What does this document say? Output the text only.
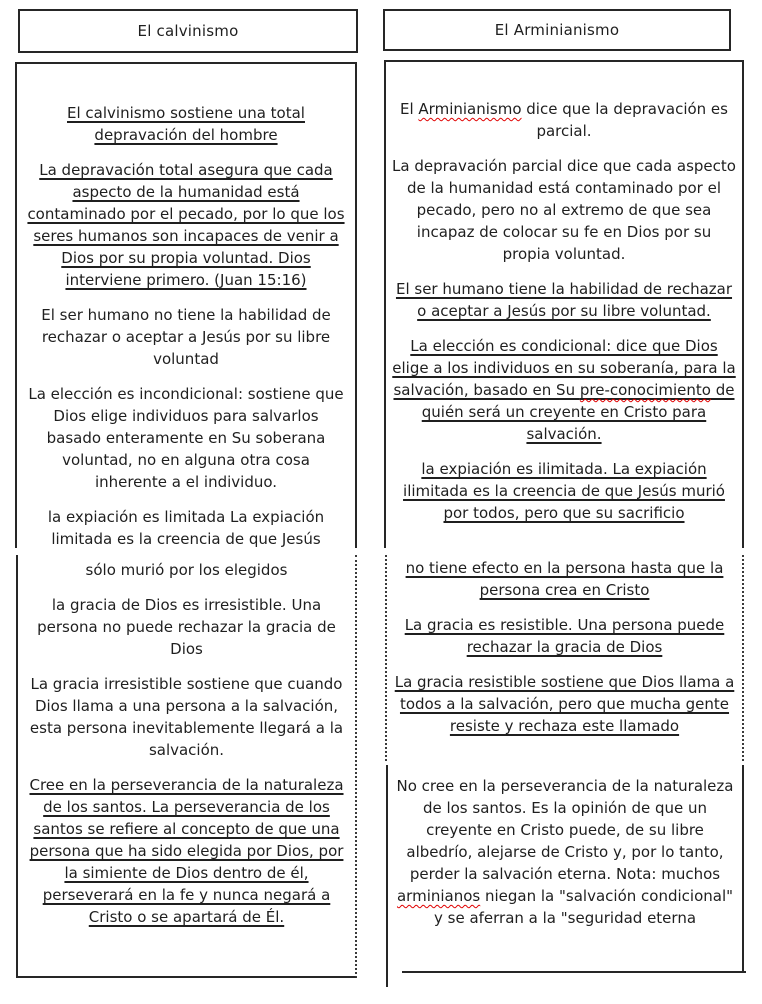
El calvinismo	El Arminianismo

El calvinismo sostiene una total depravación del hombre

La depravación total asegura que cada aspecto de la humanidad está contaminado por el pecado, por lo que los seres humanos son incapaces de venir a Dios por su propia voluntad. Dios interviene primero. (Juan 15:16)

El ser humano no tiene la habilidad de rechazar o aceptar a Jesús por su libre voluntad

La elección es incondicional: sostiene que Dios elige individuos para salvarlos basado enteramente en Su soberana voluntad, no en alguna otra cosa inherente a el individuo.

la expiación es limitada La expiación limitada es la creencia de que Jesús

sólo murió por los elegidos

la gracia de Dios es irresistible. Una persona no puede rechazar la gracia de Dios

La gracia irresistible sostiene que cuando Dios llama a una persona a la salvación, esta persona inevitablemente llegará a la salvación.

Cree en la perseverancia de la naturaleza de los santos. La perseverancia de los santos se refiere al concepto de que una persona que ha sido elegida por Dios, por la simiente de Dios dentro de él, perseverará en la fe y nunca negará a Cristo o se apartará de Él.

El Arminianismo dice que la depravación es parcial.

La depravación parcial dice que cada aspecto de la humanidad está contaminado por el pecado, pero no al extremo de que sea incapaz de colocar su fe en Dios por su propia voluntad.

El ser humano tiene la habilidad de rechazar o aceptar a Jesús por su libre voluntad.

La elección es condicional: dice que Dios elige a los individuos en su soberanía, para la salvación, basado en Su pre-conocimiento de quién será un creyente en Cristo para salvación.

la expiación es ilimitada. La expiación ilimitada es la creencia de que Jesús murió por todos, pero que su sacrificio

no tiene efecto en la persona hasta que la persona crea en Cristo

La gracia es resistible. Una persona puede rechazar la gracia de Dios

La gracia resistible sostiene que Dios llama a todos a la salvación, pero que mucha gente resiste y rechaza este llamado

No cree en la perseverancia de la naturaleza de los santos. Es la opinión de que un creyente en Cristo puede, de su libre albedrío, alejarse de Cristo y, por lo tanto, perder la salvación eterna. Nota: muchos arminianos niegan la "salvación condicional" y se aferran a la "seguridad eterna
